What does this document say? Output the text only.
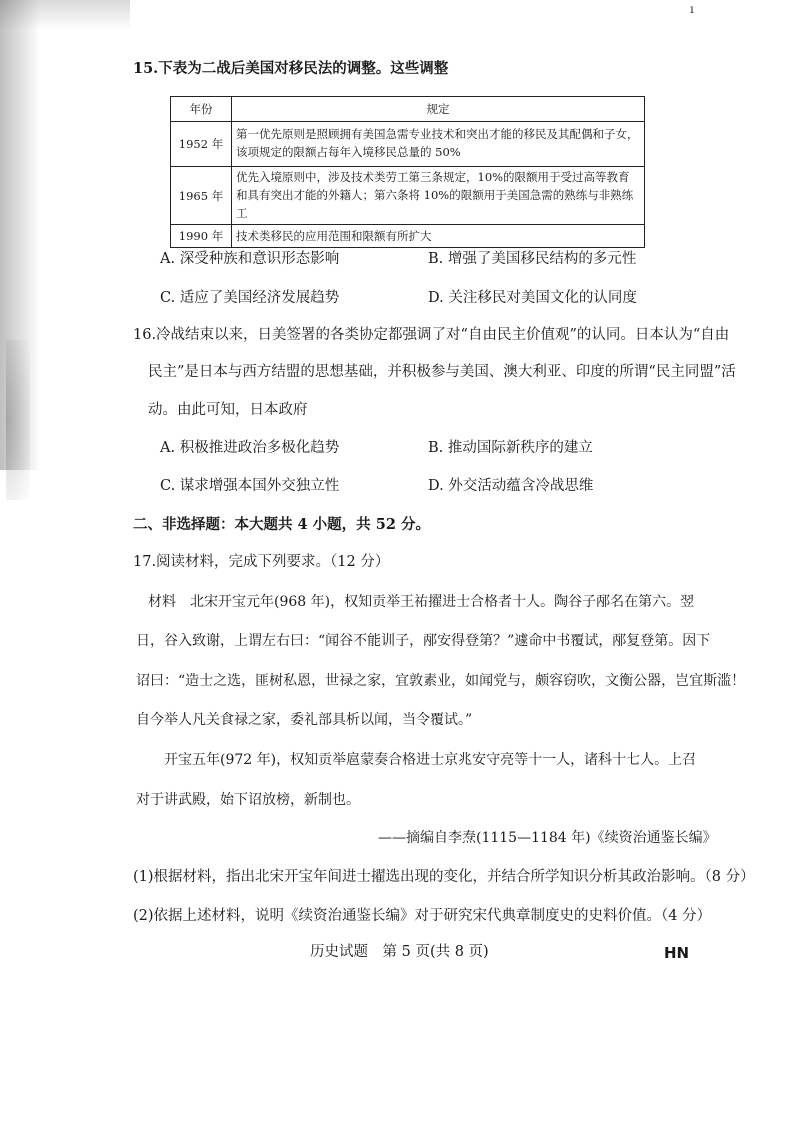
ı
15.下表为二战后美国对移民法的调整。这些调整
年份	规定
1952 年	第一优先原则是照顾拥有美国急需专业技术和突出才能的移民及其配偶和子女，该项规定的限额占每年入境移民总量的 50%
1965 年	优先入境原则中，涉及技术类劳工第三条规定，10%的限额用于受过高等教育和具有突出才能的外籍人；第六条将 10%的限额用于美国急需的熟练与非熟练工
1990 年	技术类移民的应用范围和限额有所扩大
A. 深受种族和意识形态影响	B. 增强了美国移民结构的多元性
C. 适应了美国经济发展趋势	D. 关注移民对美国文化的认同度
16.冷战结束以来，日美签署的各类协定都强调了对“自由民主价值观”的认同。日本认为“自由
民主”是日本与西方结盟的思想基础，并积极参与美国、澳大利亚、印度的所谓“民主同盟”活
动。由此可知，日本政府
A. 积极推进政治多极化趋势	B. 推动国际新秩序的建立
C. 谋求增强本国外交独立性	D. 外交活动蕴含冷战思维
二、非选择题：本大题共 4 小题，共 52 分。
17.阅读材料，完成下列要求。（12 分）
材料　北宋开宝元年(968 年)，权知贡举王祐擢进士合格者十人。陶谷子邴名在第六。翌
日，谷入致谢，上谓左右曰：“闻谷不能训子，邴安得登第？”遽命中书覆试，邴复登第。因下
诏曰：“造士之选，匪树私恩，世禄之家，宜敦素业，如闻党与，颇容窃吹，文衡公器，岂宜斯滥！
自今举人凡关食禄之家，委礼部具析以闻，当令覆试。”
开宝五年(972 年)，权知贡举扈蒙奏合格进士京兆安守亮等十一人，诸科十七人。上召
对于讲武殿，始下诏放榜，新制也。
——摘编自李焘(1115—1184 年)《续资治通鉴长编》
(1)根据材料，指出北宋开宝年间进士擢选出现的变化，并结合所学知识分析其政治影响。（8 分）
(2)依据上述材料，说明《续资治通鉴长编》对于研究宋代典章制度史的史料价值。（4 分）
历史试题　第 5 页(共 8 页)	HN
